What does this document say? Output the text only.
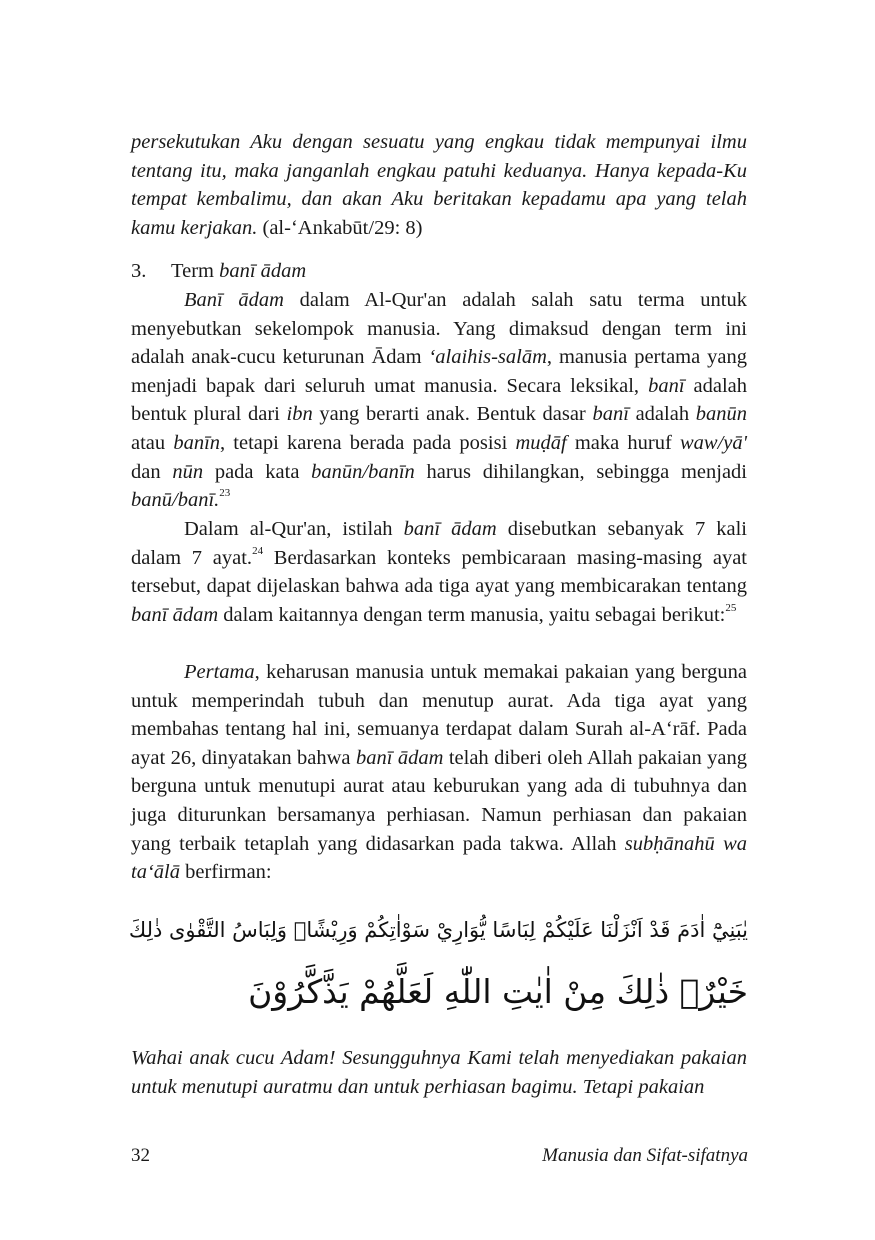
persekutukan Aku dengan sesuatu yang engkau tidak mempunyai ilmu tentang itu, maka janganlah engkau patuhi keduanya. Hanya kepada-Ku tempat kembalimu, dan akan Aku beritakan kepadamu apa yang telah kamu kerjakan. (al-‘Ankabūt/29: 8)
3. Term banī ādam
Banī ādam dalam Al-Qur'an adalah salah satu terma untuk menyebutkan sekelompok manusia. Yang dimaksud dengan term ini adalah anak-cucu keturunan Ādam ‘alaihis-salām, manusia pertama yang menjadi bapak dari seluruh umat manusia. Secara leksikal, banī adalah bentuk plural dari ibn yang berarti anak. Bentuk dasar banī adalah banūn atau banīn, tetapi karena berada pada posisi muḍāf maka huruf waw/yā' dan nūn pada kata banūn/banīn harus dihilangkan, sebingga menjadi banū/banī.$^{23}$
Dalam al-Qur'an, istilah banī ādam disebutkan sebanyak 7 kali dalam 7 ayat.$^{24}$ Berdasarkan konteks pembicaraan masing-masing ayat tersebut, dapat dijelaskan bahwa ada tiga ayat yang membicarakan tentang banī ādam dalam kaitannya dengan term manusia, yaitu sebagai berikut:$^{25}$
Pertama, keharusan manusia untuk memakai pakaian yang berguna untuk memperindah tubuh dan menutup aurat. Ada tiga ayat yang membahas tentang hal ini, semuanya terdapat dalam Surah al-A‘rāf. Pada ayat 26, dinyatakan bahwa banī ādam telah diberi oleh Allah pakaian yang berguna untuk menutupi aurat atau keburukan yang ada di tubuhnya dan juga diturunkan bersamanya perhiasan. Namun perhiasan dan pakaian yang terbaik tetaplah yang didasarkan pada takwa. Allah subḥānahū wa ta‘ālā berfirman:
يٰبَنِيْٓ اٰدَمَ قَدْ اَنْزَلْنَا عَلَيْكُمْ لِبَاسًا يُّوَارِيْ سَوْاٰتِكُمْ وَرِيْشًاۗ وَلِبَاسُ التَّقْوٰى ذٰلِكَ
خَيْرٌۗ ذٰلِكَ مِنْ اٰيٰتِ اللّٰهِ لَعَلَّهُمْ يَذَّكَّرُوْنَ
Wahai anak cucu Adam! Sesungguhnya Kami telah menyediakan pakaian untuk menutupi auratmu dan untuk perhiasan bagimu. Tetapi pakaian
32	Manusia dan Sifat-sifatnya
